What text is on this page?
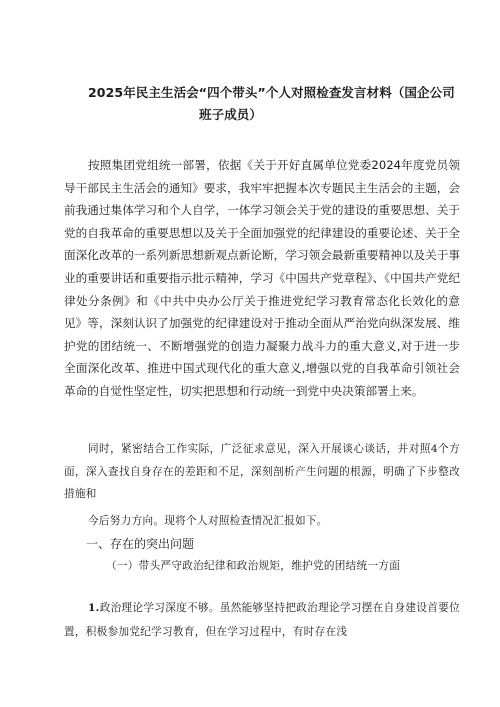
2025年民主生活会“四个带头”个人对照检查发言材料（国企公司
班子成员）

按照集团党组统一部署，依据《关于开好直属单位党委2024年度党员领导干部民主生活会的通知》要求，我牢牢把握本次专题民主生活会的主题，会前我通过集体学习和个人自学，一体学习领会关于党的建设的重要思想、关于党的自我革命的重要思想以及关于全面加强党的纪律建设的重要论述、关于全面深化改革的一系列新思想新观点新论断，学习领会最新重要精神以及关于事业的重要讲话和重要指示批示精神，学习《中国共产党章程》、《中国共产党纪律处分条例》和《中共中央办公厅关于推进党纪学习教育常态化长效化的意见》等，深刻认识了加强党的纪律建设对于推动全面从严治党向纵深发展、维护党的团结统一、不断增强党的创造力凝聚力战斗力的重大意义,对于进一步全面深化改革、推进中国式现代化的重大意义,增强以党的自我革命引领社会革命的自觉性坚定性，切实把思想和行动统一到党中央决策部署上来。

同时，紧密结合工作实际，广泛征求意见，深入开展谈心谈话，并对照4个方面，深入查找自身存在的差距和不足，深刻剖析产生问题的根源，明确了下步整改措施和

今后努力方向。现将个人对照检查情况汇报如下。

一、存在的突出问题

（一）带头严守政治纪律和政治规矩，维护党的团结统一方面

1.政治理论学习深度不够。虽然能够坚持把政治理论学习摆在自身建设首要位置，积极参加党纪学习教育，但在学习过程中，有时存在浅
